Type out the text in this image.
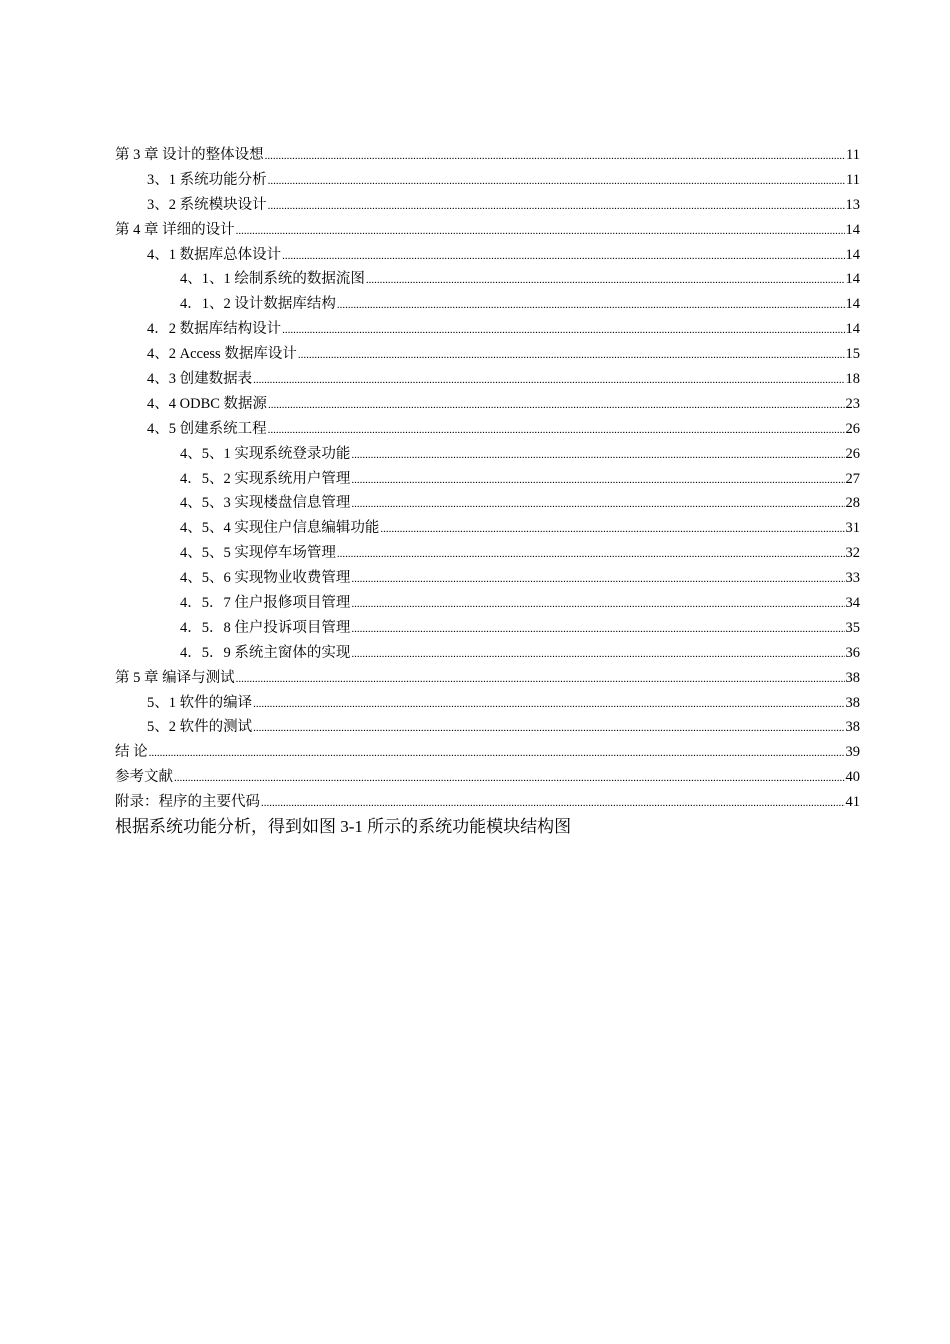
第 3 章 设计的整体设想 .....	11
3、1 系统功能分析 .....	11
3、2 系统模块设计 .....	13
第 4 章 详细的设计 .....	14
4、1 数据库总体设计 .....	14
4、1、1 绘制系统的数据流图 .....	14
4．1、2 设计数据库结构 .....	14
4．2 数据库结构设计 .....	14
4、2 Access 数据库设计 .....	15
4、3 创建数据表 .....	18
4、4 ODBC 数据源 .....	23
4、5 创建系统工程 .....	26
4、5、1 实现系统登录功能 .....	26
4．5、2 实现系统用户管理 .....	27
4、5、3 实现楼盘信息管理 .....	28
4、5、4 实现住户信息编辑功能 .....	31
4、5、5 实现停车场管理 .....	32
4、5、6 实现物业收费管理 .....	33
4．5．7 住户报修项目管理 .....	34
4．5．8 住户投诉项目管理 .....	35
4．5．9 系统主窗体的实现 .....	36
第 5 章 编译与测试 .....	38
5、1 软件的编译 .....	38
5、2 软件的测试 .....	38
结 论 .....	39
参考文献 .....	40
附录：程序的主要代码 .....	41
根据系统功能分析，得到如图 3-1 所示的系统功能模块结构图
